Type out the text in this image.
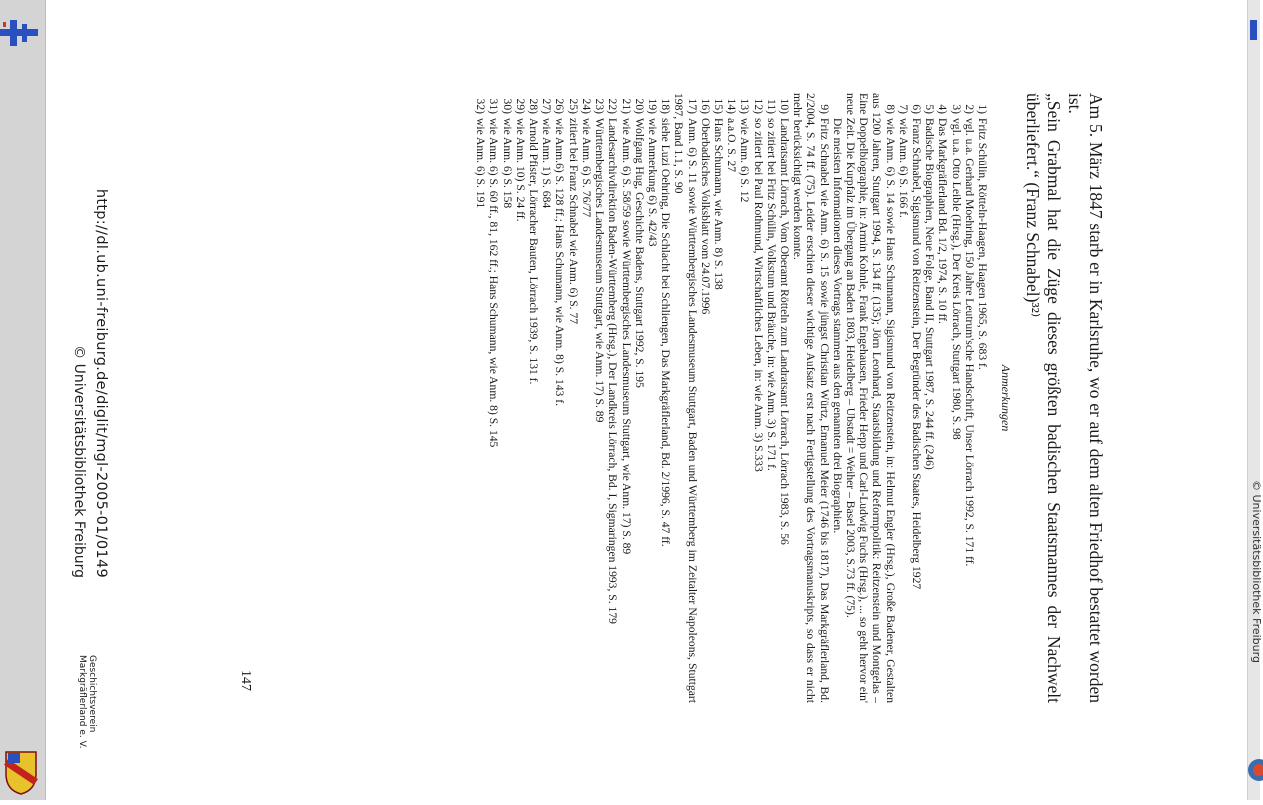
© Universitätsbibliothek Freiburg

Am 5. März 1847 starb er in Karlsruhe, wo er auf dem alten Friedhof bestattet worden ist.

„Sein Grabmal hat die Züge dieses größten badischen Staatsmannes der Nachwelt überliefert.“ (Franz Schnabel)³²⁾

Anmerkungen
1)Fritz Schülin, Rötteln-Haagen, Haagen 1965, S. 683 f.
2)vgl. u.a. Gerhard Moehring, 150 Jahre Leutrum'sche Handschrift, Unser Lörrach 1992, S. 171 ff.
3)vgl. u.a. Otto Leible (Hrsg.), Der Kreis Lörrach, Stuttgart 1980, S. 98
4)Das Markgräflerland Bd. 1/2, 1974, S. 10 ff.
5)Badische Biographien, Neue Folge, Band II, Stuttgart 1987, S. 244 ff. (246)
6)Franz Schnabel, Sigismund von Reitzenstein, Der Begründer des Badischen Staates, Heidelberg 1927
7)wie Anm. 6) S. 166 f.
8)wie Anm. 6) S. 14 sowie Hans Schumann, Sigismund von Reitzenstein, in: Helmut Engler (Hrsg.), Große Badener, Gestalten aus 1200 Jahren, Stuttgart 1994, S. 134 ff. (135); Jörn Leonhard, Staatsbildung und Reformpolitik: Reitzenstein und Montgelas – Eine Doppelbiographie, in: Armin Kohnle, Frank Engehausen, Frieder Hepp und Carl-Ludwig Fuchs (Hrsg.), ... so geht hervor ein' neue Zeit. Die Kurpfalz im Übergang an Baden 1803, Heidelberg – Ubstadt = Weiher – Basel 2003, S.73 ff. (75).
Die meisten Informationen dieses Vortrags stammen aus den genannten drei Biographien.
9)Fritz Schnabel wie Anm. 6) S. 15 sowie jüngst Christian Würtz, Emanuel Meier (1746 bis 1817), Das Markgräflerland, Bd. 2/2004, S. 74 ff. (75). Leider erschien dieser wichtige Aufsatz erst nach Fertigstellung des Vortragsmanuskripts, so dass er nicht mehr berücksichtigt werden konnte.
10)Landratsamt Lörrach, Vom Oberamt Rötteln zum Landratsamt Lörrach, Lörrach 1983, S. 56
11)so zitiert bei Fritz Schülin, Volkstum und Bräuche, in: wie Anm. 3) S. 171 f.
12)so zitiert bei Paul Rothmund, Wirtschaftliches Leben, in: wie Anm. 3) S.333
13)wie Anm. 6) S. 12
14)a.a.O. S. 27
15)Hans Schumann, wie Anm. 8) S. 138
16)Oberbadisches Volksblatt vom 24.07.1996
17)Anm. 6) S. 11 sowie Württembergisches Landesmuseum Stuttgart, Baden und Württemberg im Zeitalter Napoleons, Stuttgart 1987, Band 1.1, S. 90
18)siehe Luzi Oehring, Die Schlacht bei Schliengen, Das Markgräflerland, Bd. 2/1996, S. 47 ff.
19)wie Anmerkung 6) S. 42/43
20)Wolfgang Hug, Geschichte Badens, Stuttgart 1992, S. 195
21)wie Anm. 6) S. 58/59 sowie Württembergisches Landesmuseum Stuttgart, wie Anm. 17) S. 89
22)Landesarchivdirektion Baden-Württemberg (Hrsg.), Der Landkreis Lörrach, Bd. I, Sigmaringen 1993, S. 179
23)Württembergisches Landesmuseum Stuttgart, wie Anm. 17) S. 89
24)wie Anm. 6) S. 76/77
25)zitiert bei Franz Schnabel wie Anm. 6) S. 77
26)wie Anm.6) S. 128 ff.; Hans Schumann, wie Anm. 8) S. 143 f.
27)wie Anm. 1) S. 684
28)Arnold Pfister, Lörracher Bauten, Lörrach 1939, S. 131 f.
29)wie Anm. 10) S. 24 ff.
30)wie Anm. 6) S. 158
31)wie Anm. 6) S. 60 ff., 81, 162 ff.; Hans Schumann, wie Anm. 8) S. 145
32)wie Anm. 6) S. 191
147
http://dl.ub.uni-freiburg.de/diglit/mgl-2005-01/0149
© Universitätsbibliothek Freiburg
Geschichtsverein
Markgräflerland e. V.
